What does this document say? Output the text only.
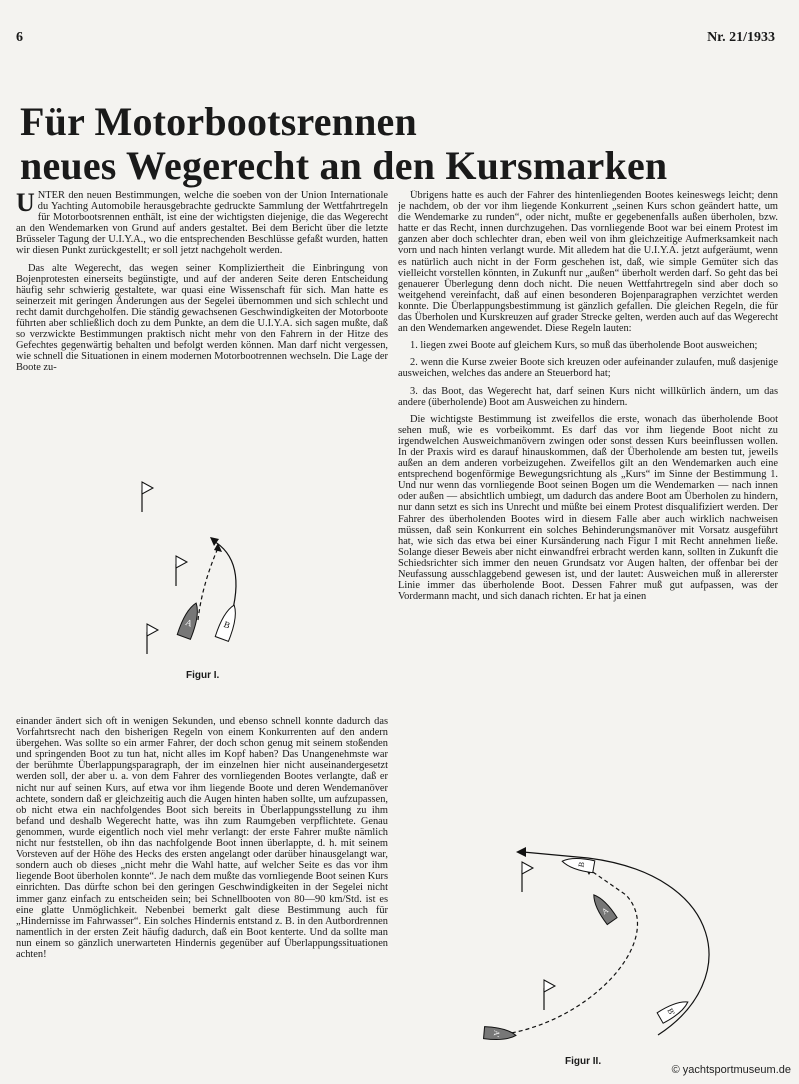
6	Nr. 21/1933
Für Motorbootsrennen
neues Wegerecht an den Kursmarken

UNTER den neuen Bestimmungen, welche die soeben von der Union Internationale du Yachting Automobile herausgebrachte gedruckte Sammlung der Wettfahrtregeln für Motorbootsrennen enthält, ist eine der wichtigsten diejenige, die das Wegerecht an den Wendemarken von Grund auf anders gestaltet. Bei dem Bericht über die letzte Brüsseler Tagung der U.I.Y.A., wo die entsprechenden Beschlüsse gefaßt wurden, hatten wir diesen Punkt zurückgestellt; er soll jetzt nachgeholt werden.

Das alte Wegerecht, das wegen seiner Kompliziertheit die Einbringung von Bojenprotesten einerseits begünstigte, und auf der anderen Seite deren Entscheidung häufig sehr schwierig gestaltete, war quasi eine Wissenschaft für sich. Man hatte es seinerzeit mit geringen Änderungen aus der Segelei übernommen und sich schlecht und recht damit durchgeholfen. Die ständig gewachsenen Geschwindigkeiten der Motorboote führten aber schließlich doch zu dem Punkte, an dem die U.I.Y.A. sich sagen mußte, daß so verzwickte Bestimmungen praktisch nicht mehr von den Fahrern in der Hitze des Gefechtes gegenwärtig behalten und befolgt werden können. Man darf nicht vergessen, wie schnell die Situationen in einem modernen Motorbootrennen wechseln. Die Lage der Boote zu-

A	B
Figur I.

einander ändert sich oft in wenigen Sekunden, und ebenso schnell konnte dadurch das Vorfahrtsrecht nach den bisherigen Regeln von einem Konkurrenten auf den andern übergehen. Was sollte so ein armer Fahrer, der doch schon genug mit seinem stoßenden und springenden Boot zu tun hat, nicht alles im Kopf haben? Das Unangenehmste war der berühmte Überlappungsparagraph, der im einzelnen hier nicht auseinandergesetzt werden soll, der aber u. a. von dem Fahrer des vornliegenden Bootes verlangte, daß er nicht nur auf seinen Kurs, auf etwa vor ihm liegende Boote und deren Wendemanöver achtete, sondern daß er gleichzeitig auch die Augen hinten haben sollte, um aufzupassen, ob nicht etwa ein nachfolgendes Boot sich bereits in Überlappungsstellung zu ihm befand und deshalb Wegerecht hatte, was ihn zum Raumgeben verpflichtete. Genau genommen, wurde eigentlich noch viel mehr verlangt: der erste Fahrer mußte nämlich nicht nur feststellen, ob ihn das nachfolgende Boot innen überlappte, d. h. mit seinem Vorsteven auf der Höhe des Hecks des ersten angelangt oder darüber hinausgelangt war, sondern auch ob dieses „nicht mehr die Wahl hatte, auf welcher Seite es das vor ihm liegende Boot überholen konnte“. Je nach dem mußte das vornliegende Boot seinen Kurs einrichten. Das dürfte schon bei den geringen Geschwindigkeiten in der Segelei nicht immer ganz einfach zu entscheiden sein; bei Schnellbooten von 80—90 km/Std. ist es eine glatte Unmöglichkeit. Nebenbei bemerkt galt diese Bestimmung auch für „Hindernisse im Fahrwasser“. Ein solches Hindernis entstand z. B. in den Autbordrennen namentlich in der ersten Zeit häufig dadurch, daß ein Boot kenterte. Und da sollte man nun einem so gänzlich unerwarteten Hindernis gegenüber auf Überlappungssituationen achten!

Übrigens hatte es auch der Fahrer des hintenliegenden Bootes keineswegs leicht; denn je nachdem, ob der vor ihm liegende Konkurrent „seinen Kurs schon geändert hatte, um die Wendemarke zu runden“, oder nicht, mußte er gegebenenfalls außen überholen, bzw. hatte er das Recht, innen durchzugehen. Das vornliegende Boot war bei einem Protest im ganzen aber doch schlechter dran, eben weil von ihm gleichzeitige Aufmerksamkeit nach vorn und nach hinten verlangt wurde. Mit alledem hat die U.I.Y.A. jetzt aufgeräumt, wenn es natürlich auch nicht in der Form geschehen ist, daß, wie simple Gemüter sich das vielleicht vorstellen könnten, in Zukunft nur „außen“ überholt werden darf. So geht das bei genauerer Überlegung denn doch nicht. Die neuen Wettfahrtregeln sind aber doch so weitgehend vereinfacht, daß auf einen besonderen Bojenparagraphen verzichtet werden konnte. Die Überlappungsbestimmung ist gänzlich gefallen. Die gleichen Regeln, die für das Überholen und Kurskreuzen auf grader Strecke gelten, werden auch auf das Wegerecht an den Wendemarken angewendet. Diese Regeln lauten:

1. liegen zwei Boote auf gleichem Kurs, so muß das überholende Boot ausweichen;

2. wenn die Kurse zweier Boote sich kreuzen oder aufeinander zulaufen, muß dasjenige ausweichen, welches das andere an Steuerbord hat;

3. das Boot, das Wegerecht hat, darf seinen Kurs nicht willkürlich ändern, um das andere (überholende) Boot am Ausweichen zu hindern.

Die wichtigste Bestimmung ist zweifellos die erste, wonach das überholende Boot sehen muß, wie es vorbeikommt. Es darf das vor ihm liegende Boot nicht zu irgendwelchen Ausweichmanövern zwingen oder sonst dessen Kurs beeinflussen wollen. In der Praxis wird es darauf hinauskommen, daß der Überholende am besten tut, jeweils außen an dem anderen vorbeizugehen. Zweifellos gilt an den Wendemarken auch eine entsprechend bogenförmige Bewegungsrichtung als „Kurs“ im Sinne der Bestimmung 1. Und nur wenn das vornliegende Boot seinen Bogen um die Wendemarken — nach innen oder außen — absichtlich umbiegt, um dadurch das andere Boot am Überholen zu hindern, nur dann setzt es sich ins Unrecht und müßte bei einem Protest disqualifiziert werden. Der Fahrer des überholenden Bootes wird in diesem Falle aber auch wirklich nachweisen müssen, daß sein Konkurrent ein solches Behinderungsmanöver mit Vorsatz ausgeführt hat, wie sich das etwa bei einer Kursänderung nach Figur I mit Recht annehmen ließe. Solange dieser Beweis aber nicht einwandfrei erbracht werden kann, sollten in Zukunft die Schiedsrichter sich immer den neuen Grundsatz vor Augen halten, der offenbar bei der Neufassung ausschlaggebend gewesen ist, und der lautet: Ausweichen muß in allererster Linie immer das überholende Boot. Dessen Fahrer muß gut aufpassen, was der Vordermann macht, und sich danach richten. Er hat ja einen

B
A
B'
A'
Figur II.
© yachtsportmuseum.de
